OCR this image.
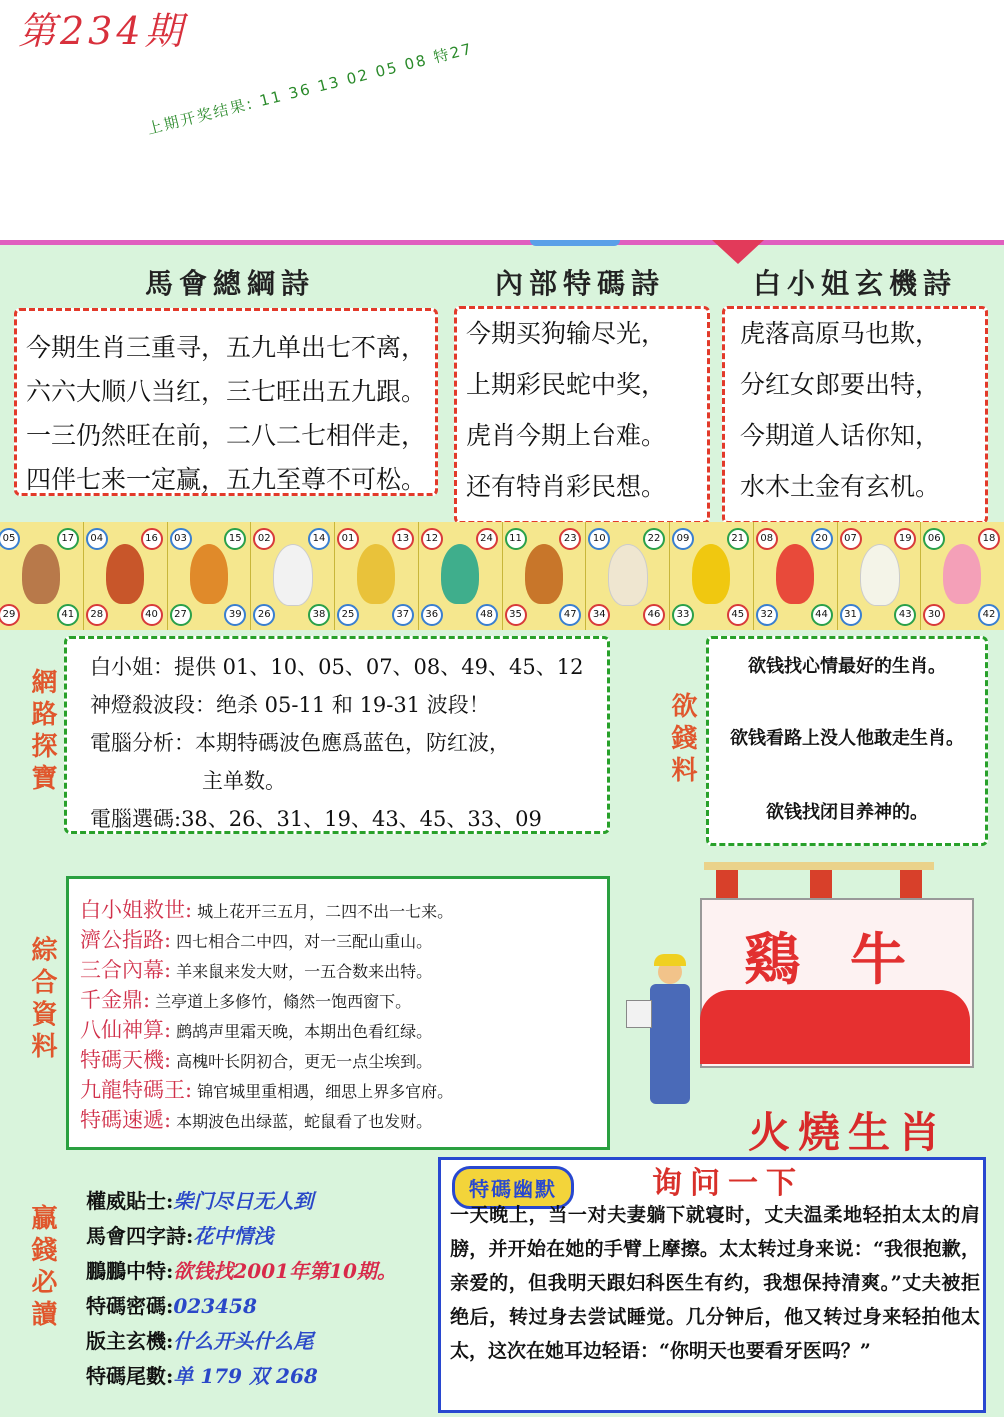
第234期
上期开奖结果: 11 36 13 02 05 08 特27
馬會總綱詩	內部特碼詩	白小姐玄機詩
今期生肖三重寻，五九单出七不离，
六六大顺八当红，三七旺出五九跟。
一三仍然旺在前，二八二七相伴走，
四伴七来一定赢，五九至尊不可松。
今期买狗输尽光，
上期彩民蛇中奖，
虎肖今期上台难。
还有特肖彩民想。
虎落高原马也欺，
分红女郎要出特，
今期道人话你知，
水木土金有玄机。
05	17
29	41
04	16
28	40
03	15
27	39
02	14
26	38
01	13
25	37
12	24
36	48
11	23
35	47
10	22
34	46
09	21
33	45
08	20
32	44
07	19
31	43
06	18
30	42
網路探寶
白小姐：提供 01、10、05、07、08、49、45、12
神燈殺波段：绝杀 05-11 和 19-31 波段！
電腦分析：本期特碼波色應爲蓝色，防红波，
主单数。
電腦選碼:38、26、31、19、43、45、33、09
欲錢料
欲钱找心情最好的生肖。
欲钱看路上没人他敢走生肖。
欲钱找闭目养神的。
綜合資料
白小姐救世: 城上花开三五月，二四不出一七来。
濟公指路: 四七相合二中四，对一三配山重山。
三合內幕: 羊来鼠来发大财，一五合数来出特。
千金鼎: 兰亭道上多修竹，翛然一饱西窗下。
八仙神算: 鹧鸪声里霜天晚，本期出色看红绿。
特碼天機: 高槐叶长阴初合，更无一点尘埃到。
九龍特碼王: 锦官城里重相遇，细思上界多官府。
特碼速遞: 本期波色出绿蓝，蛇鼠看了也发财。
鷄 牛
火燒生肖
贏錢必讀
權威貼士:柴门尽日无人到
馬會四字詩:花中情浅
鵬鵬中特:欲钱找2001年第10期。
特碼密碼:023458
版主玄機:什么开头什么尾
特碼尾數:单 179 双 268
特碼幽默	询问一下
一天晚上，当一对夫妻躺下就寝时，丈夫温柔地轻拍太太的肩膀，并开始在她的手臂上摩擦。太太转过身来说：“我很抱歉，亲爱的，但我明天跟妇科医生有约，我想保持清爽。”丈夫被拒绝后，转过身去尝试睡觉。几分钟后，他又转过身来轻拍他太太，这次在她耳边轻语：“你明天也要看牙医吗？”
